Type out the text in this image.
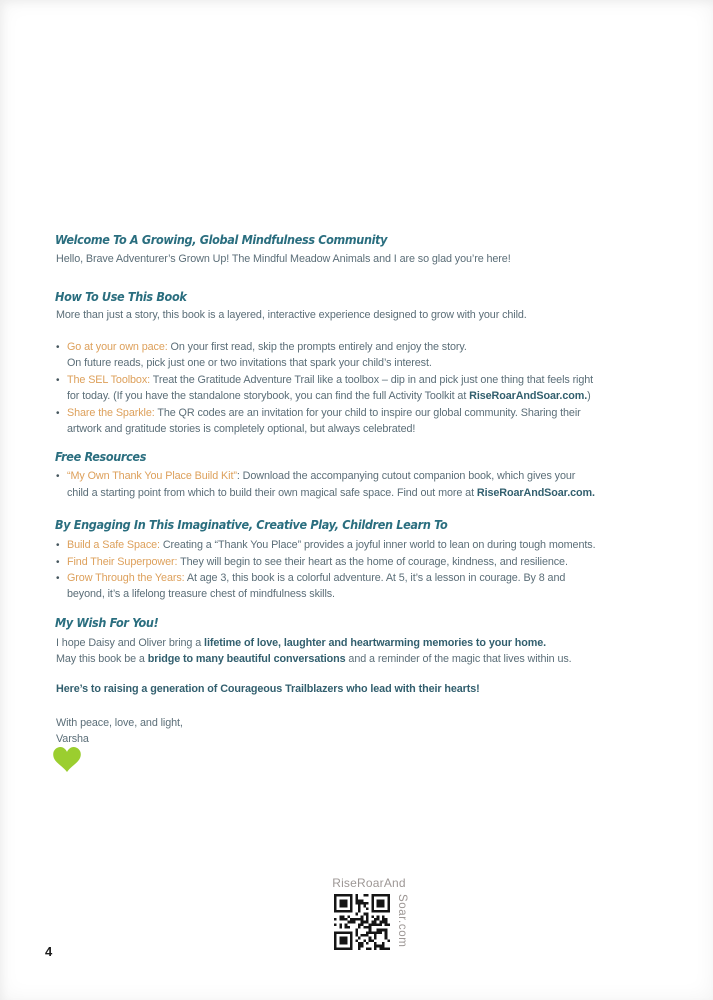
Welcome To A Growing, Global Mindfulness Community
Hello, Brave Adventurer’s Grown Up! The Mindful Meadow Animals and I are so glad you’re here!
How To Use This Book
More than just a story, this book is a layered, interactive experience designed to grow with your child.
• Go at your own pace: On your first read, skip the prompts entirely and enjoy the story.
On future reads, pick just one or two invitations that spark your child’s interest.
• The SEL Toolbox: Treat the Gratitude Adventure Trail like a toolbox – dip in and pick just one thing that feels right
for today. (If you have the standalone storybook, you can find the full Activity Toolkit at RiseRoarAndSoar.com.)
• Share the Sparkle: The QR codes are an invitation for your child to inspire our global community. Sharing their
artwork and gratitude stories is completely optional, but always celebrated!
Free Resources
• “My Own Thank You Place Build Kit”: Download the accompanying cutout companion book, which gives your
child a starting point from which to build their own magical safe space. Find out more at RiseRoarAndSoar.com.
By Engaging In This Imaginative, Creative Play, Children Learn To
• Build a Safe Space: Creating a “Thank You Place” provides a joyful inner world to lean on during tough moments.
• Find Their Superpower: They will begin to see their heart as the home of courage, kindness, and resilience.
• Grow Through the Years: At age 3, this book is a colorful adventure. At 5, it’s a lesson in courage. By 8 and
beyond, it’s a lifelong treasure chest of mindfulness skills.
My Wish For You!
I hope Daisy and Oliver bring a lifetime of love, laughter and heartwarming memories to your home.
May this book be a bridge to many beautiful conversations and a reminder of the magic that lives within us.
Here’s to raising a generation of Courageous Trailblazers who lead with their hearts!
With peace, love, and light,
Varsha
RiseRoarAnd
Soar.com
4
